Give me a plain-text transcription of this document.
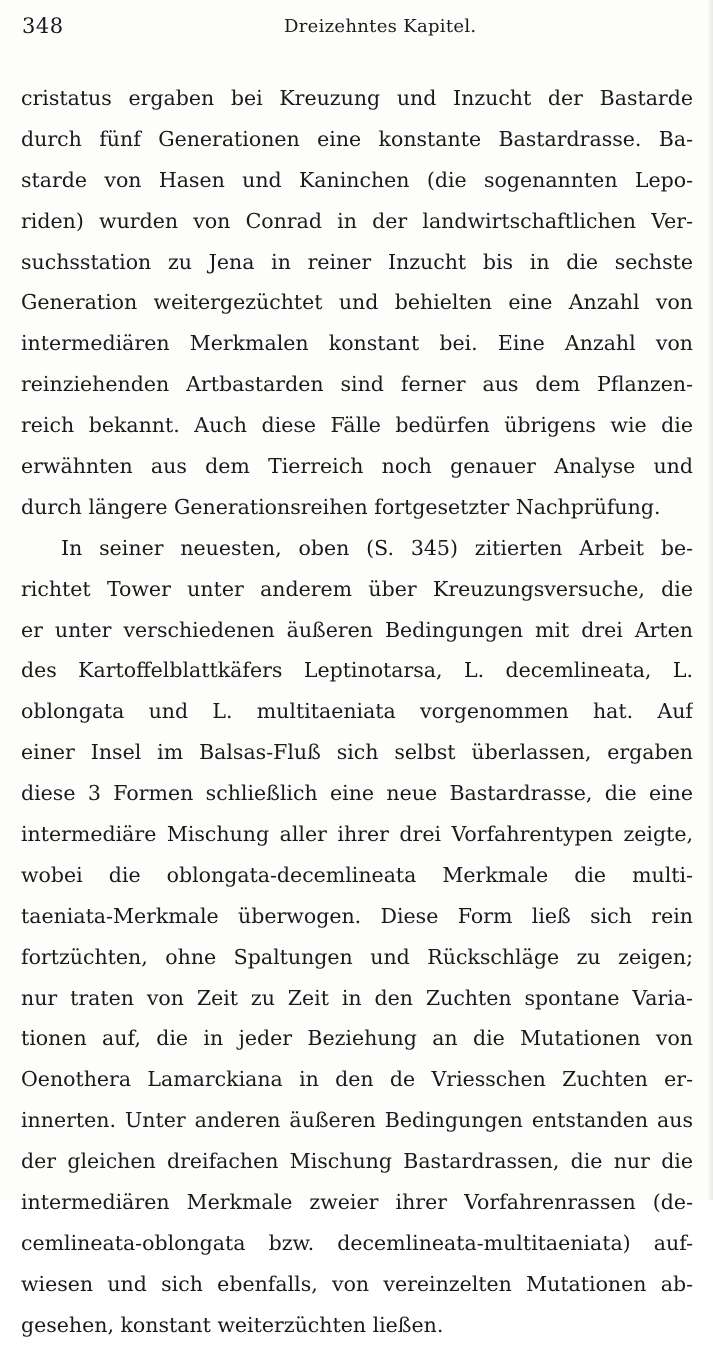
348	Dreizehntes Kapitel.
cristatus ergaben bei Kreuzung und Inzucht der Bastarde
durch fünf Generationen eine konstante Bastardrasse. Ba-
starde von Hasen und Kaninchen (die sogenannten Lepo-
riden) wurden von Conrad in der landwirtschaftlichen Ver-
suchsstation zu Jena in reiner Inzucht bis in die sechste
Generation weitergezüchtet und behielten eine Anzahl von
intermediären Merkmalen konstant bei. Eine Anzahl von
reinziehenden Artbastarden sind ferner aus dem Pflanzen-
reich bekannt. Auch diese Fälle bedürfen übrigens wie die
erwähnten aus dem Tierreich noch genauer Analyse und
durch längere Generationsreihen fortgesetzter Nachprüfung.
In seiner neuesten, oben (S. 345) zitierten Arbeit be-
richtet Tower unter anderem über Kreuzungsversuche, die
er unter verschiedenen äußeren Bedingungen mit drei Arten
des Kartoffelblattkäfers Leptinotarsa, L. decemlineata, L.
oblongata und L. multitaeniata vorgenommen hat. Auf
einer Insel im Balsas-Fluß sich selbst überlassen, ergaben
diese 3 Formen schließlich eine neue Bastardrasse, die eine
intermediäre Mischung aller ihrer drei Vorfahrentypen zeigte,
wobei die oblongata-decemlineata Merkmale die multi-
taeniata-Merkmale überwogen. Diese Form ließ sich rein
fortzüchten, ohne Spaltungen und Rückschläge zu zeigen;
nur traten von Zeit zu Zeit in den Zuchten spontane Varia-
tionen auf, die in jeder Beziehung an die Mutationen von
Oenothera Lamarckiana in den de Vriesschen Zuchten er-
innerten. Unter anderen äußeren Bedingungen entstanden aus
der gleichen dreifachen Mischung Bastardrassen, die nur die
intermediären Merkmale zweier ihrer Vorfahrenrassen (de-
cemlineata-oblongata bzw. decemlineata-multitaeniata) auf-
wiesen und sich ebenfalls, von vereinzelten Mutationen ab-
gesehen, konstant weiterzüchten ließen.
